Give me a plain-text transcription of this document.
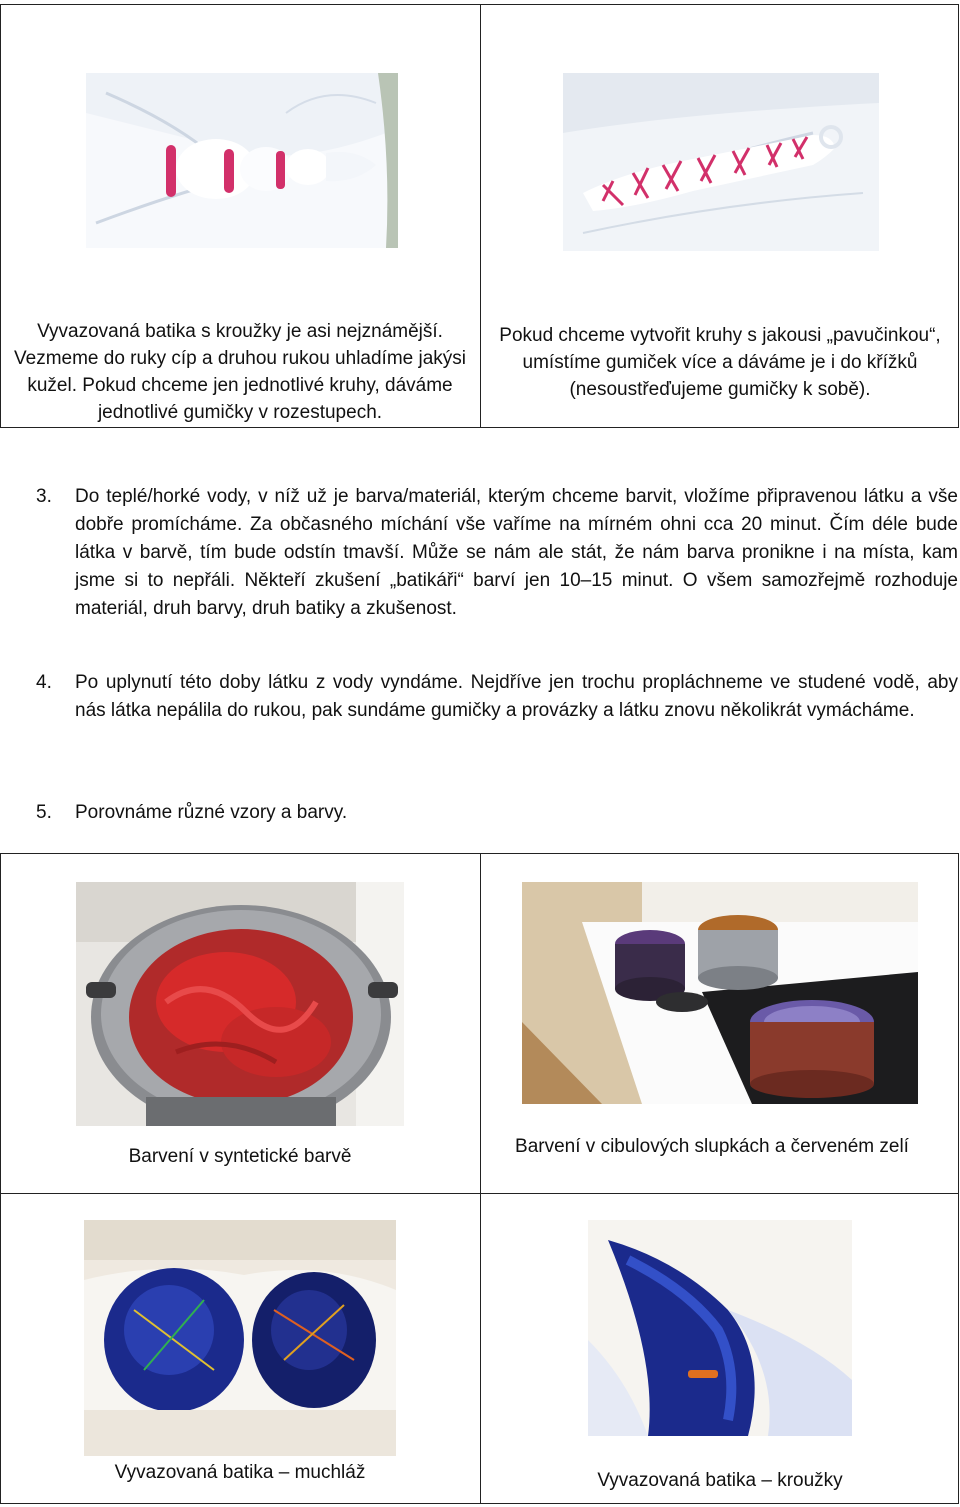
Vyvazovaná batika s kroužky je asi nejznámější. Vezmeme do ruky cíp a druhou rukou uhladíme jakýsi kužel. Pokud chceme jen jednotlivé kruhy, dáváme jednotlivé gumičky v rozestupech.
Pokud chceme vytvořit kruhy s jakousi „pavučinkou“, umístíme gumiček více a dáváme je i do křížků (nesoustřeďujeme gumičky k sobě).
3. Do teplé/horké vody, v níž už je barva/materiál, kterým chceme barvit, vložíme připravenou látku a vše dobře promícháme. Za občasného míchání vše vaříme na mírném ohni cca 20 minut. Čím déle bude látka v barvě, tím bude odstín tmavší. Může se nám ale stát, že nám barva pronikne i na místa, kam jsme si to nepřáli. Někteří zkušení „batikáři“ barví jen 10–15 minut. O všem samozřejmě rozhoduje materiál, druh barvy, druh batiky a zkušenost.
4. Po uplynutí této doby látku z vody vyndáme. Nejdříve jen trochu propláchneme ve studené vodě, aby nás látka nepálila do rukou, pak sundáme gumičky a provázky a látku znovu několikrát vymácháme.
5. Porovnáme různé vzory a barvy.
Barvení v syntetické barvě	Barvení v cibulových slupkách a červeném zelí
Vyvazovaná batika – muchláž	Vyvazovaná batika – kroužky
